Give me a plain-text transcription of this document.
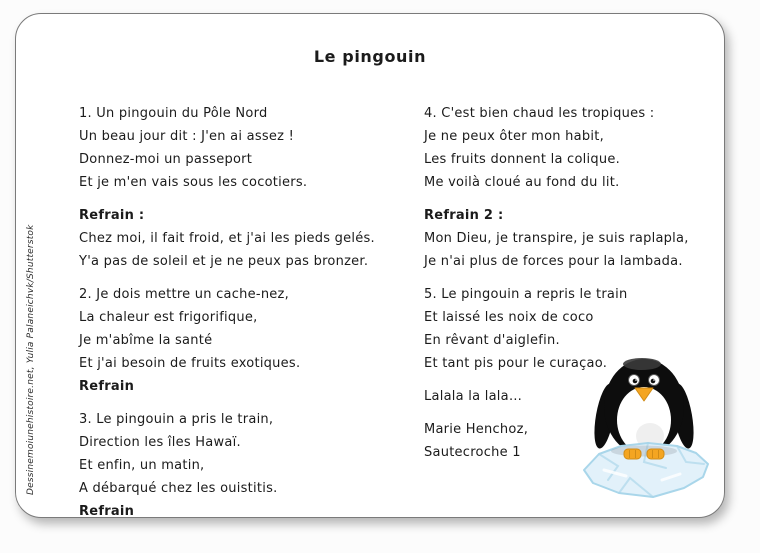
Le pingouin
Dessinemoiunehistoire.net, Yulia Palaneichvk/Shutterstok
1. Un pingouin du Pôle Nord
Un beau jour dit : J'en ai assez !
Donnez-moi un passeport
Et je m'en vais sous les cocotiers.
Refrain :
Chez moi, il fait froid, et j'ai les pieds gelés.
Y'a pas de soleil et je ne peux pas bronzer.
2. Je dois mettre un cache-nez,
La chaleur est frigorifique,
Je m'abîme la santé
Et j'ai besoin de fruits exotiques.
Refrain
3. Le pingouin a pris le train,
Direction les îles Hawaï.
Et enfin, un matin,
A débarqué chez les ouistitis.
Refrain
4. C'est bien chaud les tropiques :
Je ne peux ôter mon habit,
Les fruits donnent la colique.
Me voilà cloué au fond du lit.
Refrain 2 :
Mon Dieu, je transpire, je suis raplapla,
Je n'ai plus de forces pour la lambada.
5. Le pingouin a repris le train
Et laissé les noix de coco
En rêvant d'aiglefin.
Et tant pis pour le curaçao.
Lalala la lala…
Marie Henchoz,
Sautecroche 1
